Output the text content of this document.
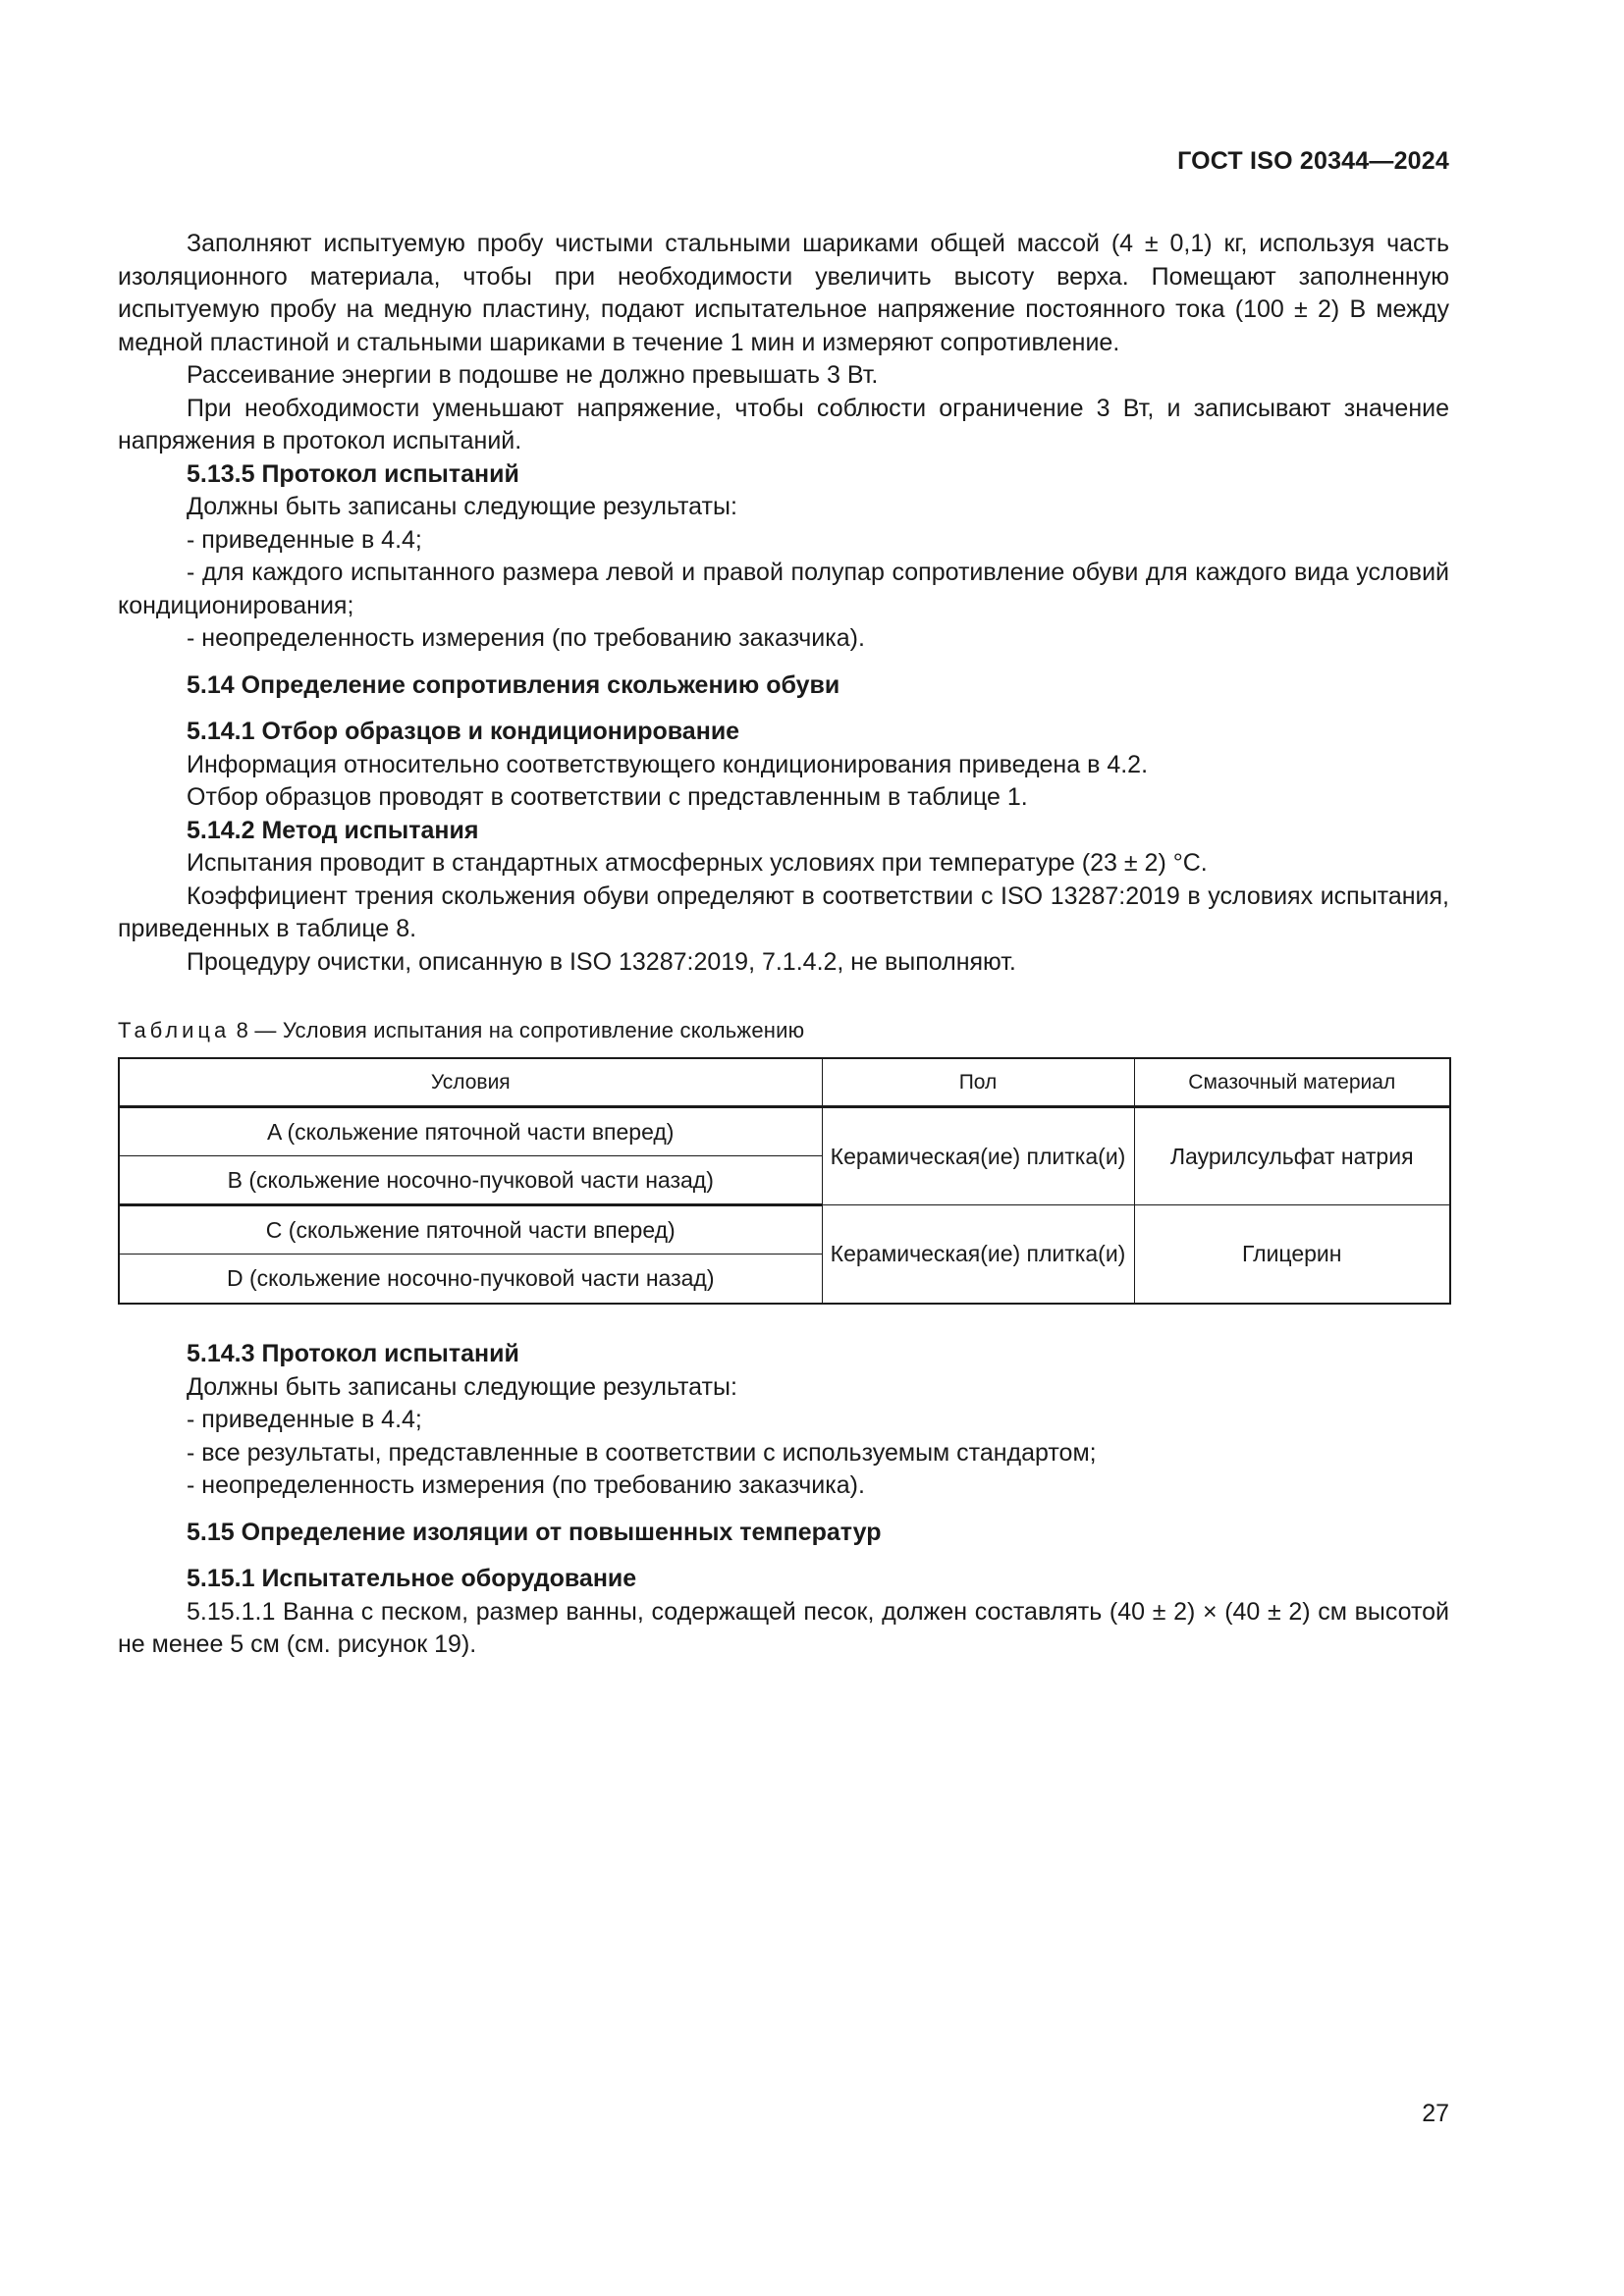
ГОСТ ISO 20344—2024

Заполняют испытуемую пробу чистыми стальными шариками общей массой (4 ± 0,1) кг, используя часть изоляционного материала, чтобы при необходимости увеличить высоту верха. Помещают заполненную испытуемую пробу на медную пластину, подают испытательное напряжение постоянного тока (100 ± 2) В между медной пластиной и стальными шариками в течение 1 мин и измеряют сопротивление.

Рассеивание энергии в подошве не должно превышать 3 Вт.

При необходимости уменьшают напряжение, чтобы соблюсти ограничение 3 Вт, и записывают значение напряжения в протокол испытаний.

5.13.5 Протокол испытаний

Должны быть записаны следующие результаты:

- приведенные в 4.4;

- для каждого испытанного размера левой и правой полупар сопротивление обуви для каждого вида условий кондиционирования;

- неопределенность измерения (по требованию заказчика).

5.14 Определение сопротивления скольжению обуви

5.14.1 Отбор образцов и кондиционирование

Информация относительно соответствующего кондиционирования приведена в 4.2.

Отбор образцов проводят в соответствии с представленным в таблице 1.

5.14.2 Метод испытания

Испытания проводит в стандартных атмосферных условиях при температуре (23 ± 2) °C.

Коэффициент трения скольжения обуви определяют в соответствии с ISO 13287:2019 в условиях испытания, приведенных в таблице 8.

Процедуру очистки, описанную в ISO 13287:2019, 7.1.4.2, не выполняют.

Таблица 8 — Условия испытания на сопротивление скольжению
Условия	Пол	Смазочный материал
A (скольжение пяточной части вперед)	Керамическая(ие) плитка(и)	Лаурилсульфат натрия
B (скольжение носочно-пучковой части назад)		
C (скольжение пяточной части вперед)	Керамическая(ие) плитка(и)	Глицерин
D (скольжение носочно-пучковой части назад)		

5.14.3 Протокол испытаний

Должны быть записаны следующие результаты:

- приведенные в 4.4;

- все результаты, представленные в соответствии с используемым стандартом;

- неопределенность измерения (по требованию заказчика).

5.15 Определение изоляции от повышенных температур

5.15.1 Испытательное оборудование

5.15.1.1 Ванна с песком, размер ванны, содержащей песок, должен составлять (40 ± 2) × (40 ± 2) см высотой не менее 5 см (см. рисунок 19).

27
